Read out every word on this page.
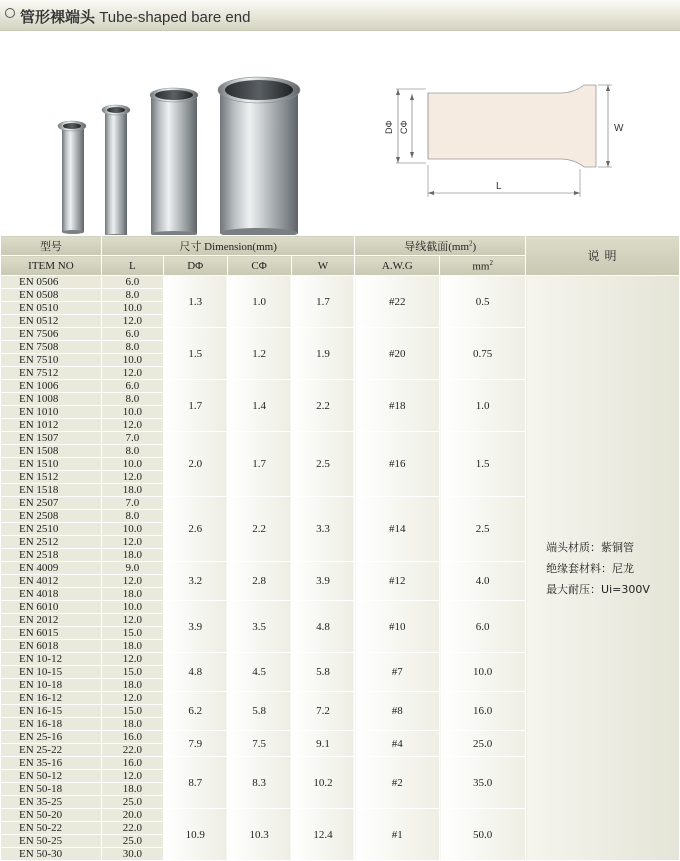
管形裸端头 Tube-shaped bare end
DΦ CΦ	W
L
型号	尺寸 Dimension(mm)				导线截面$(mm^2)$		说 明
ITEM NO	L	DΦ	CΦ	W	A.W.G	$mm^2$
EN 0506	6.0	1.3	1.0	1.7	#22	0.5	端头材质：紫铜管
绝缘套材料：尼龙
最大耐压：Ui=300V

EN 0508	8.0						
EN 0510	10.0						
EN 0512	12.0						
EN 7506	6.0	1.5	1.2	1.9	#20	0.75	
EN 7508	8.0						
EN 7510	10.0						
EN 7512	12.0						
EN 1006	6.0	1.7	1.4	2.2	#18	1.0	
EN 1008	8.0						
EN 1010	10.0						
EN 1012	12.0						
EN 1507	7.0	2.0	1.7	2.5	#16	1.5	
EN 1508	8.0						
EN 1510	10.0						
EN 1512	12.0						
EN 1518	18.0						
EN 2507	7.0	2.6	2.2	3.3	#14	2.5	
EN 2508	8.0						
EN 2510	10.0						
EN 2512	12.0						
EN 2518	18.0						
EN 4009	9.0	3.2	2.8	3.9	#12	4.0	
EN 4012	12.0						
EN 4018	18.0						
EN 6010	10.0	3.9	3.5	4.8	#10	6.0	
EN 2012	12.0						
EN 6015	15.0						
EN 6018	18.0						
EN 10-12	12.0	4.8	4.5	5.8	#7	10.0	
EN 10-15	15.0						
EN 10-18	18.0						
EN 16-12	12.0	6.2	5.8	7.2	#8	16.0	
EN 16-15	15.0						
EN 16-18	18.0						
EN 25-16	16.0	7.9	7.5	9.1	#4	25.0	
EN 25-22	22.0						
EN 35-16	16.0	8.7	8.3	10.2	#2	35.0	
EN 50-12	12.0						
EN 50-18	18.0						
EN 35-25	25.0						
EN 50-20	20.0	10.9	10.3	12.4	#1	50.0	
EN 50-22	22.0						
EN 50-25	25.0						
EN 50-30	30.0						
